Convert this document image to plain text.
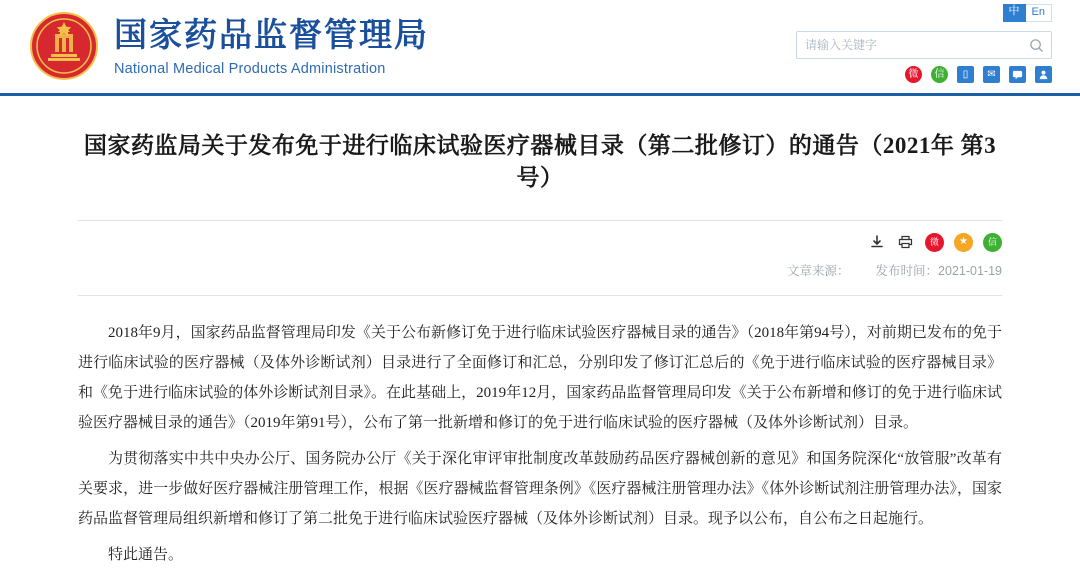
国家药品监督管理局
National Medical Products Administration
中	En
请输入关键字
微	信	▯	✉
国家药监局关于发布免于进行临床试验医疗器械目录（第二批修订）的通告（2021年 第3号）
微	★	信
文章来源： 发布时间：2021-01-19

2018年9月，国家药品监督管理局印发《关于公布新修订免于进行临床试验医疗器械目录的通告》（2018年第94号），对前期已发布的免于进行临床试验的医疗器械（及体外诊断试剂）目录进行了全面修订和汇总，分别印发了修订汇总后的《免于进行临床试验的医疗器械目录》和《免于进行临床试验的体外诊断试剂目录》。在此基础上，2019年12月，国家药品监督管理局印发《关于公布新增和修订的免于进行临床试验医疗器械目录的通告》（2019年第91号），公布了第一批新增和修订的免于进行临床试验的医疗器械（及体外诊断试剂）目录。

为贯彻落实中共中央办公厅、国务院办公厅《关于深化审评审批制度改革鼓励药品医疗器械创新的意见》和国务院深化“放管服”改革有关要求，进一步做好医疗器械注册管理工作，根据《医疗器械监督管理条例》《医疗器械注册管理办法》《体外诊断试剂注册管理办法》，国家药品监督管理局组织新增和修订了第二批免于进行临床试验医疗器械（及体外诊断试剂）目录。现予以公布，自公布之日起施行。

特此通告。
